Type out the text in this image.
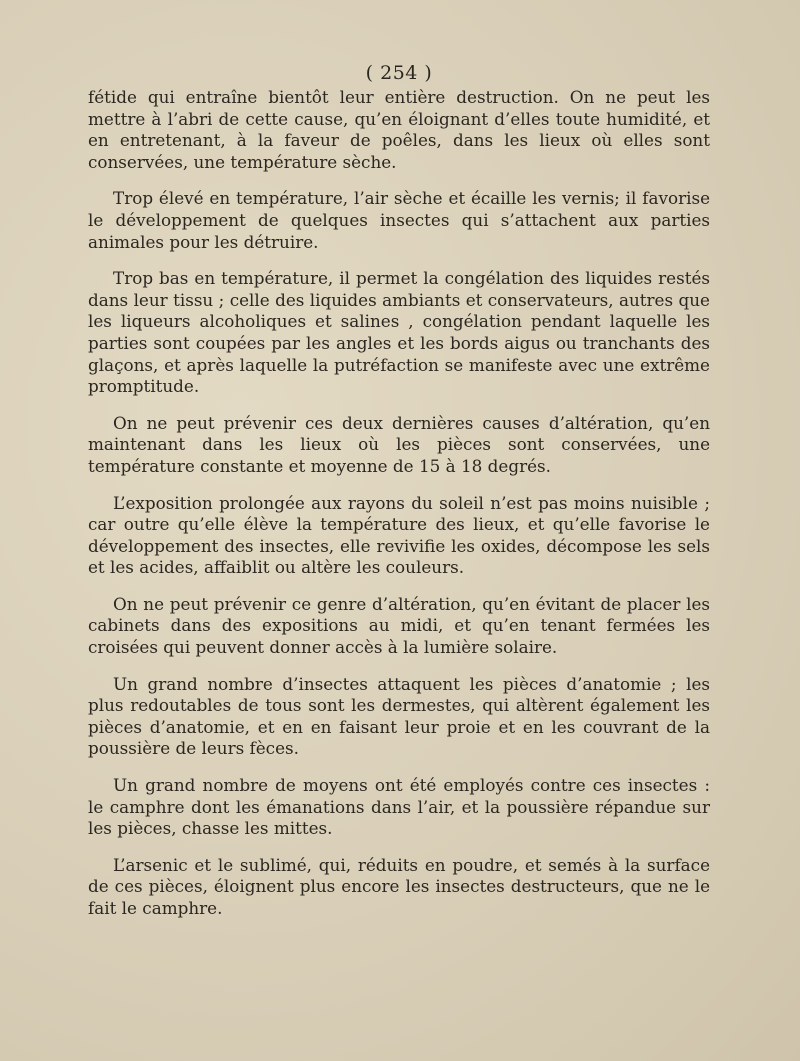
( 254 )

fétide qui entraîne bientôt leur entière destruction. On ne peut les mettre à l’abri de cette cause, qu’en éloignant d’elles toute humidité, et en entretenant, à la faveur de poêles, dans les lieux où elles sont conservées, une température sèche.

Trop élevé en température, l’air sèche et écaille les vernis; il favorise le développement de quelques insectes qui s’attachent aux parties animales pour les détruire.

Trop bas en température, il permet la congélation des liquides restés dans leur tissu ; celle des liquides ambiants et conservateurs, autres que les liqueurs alcoholiques et salines , congélation pendant laquelle les parties sont coupées par les angles et les bords aigus ou tranchants des glaçons, et après laquelle la putréfaction se manifeste avec une extrême promptitude.

On ne peut prévenir ces deux dernières causes d’altération, qu’en maintenant dans les lieux où les pièces sont conservées, une température constante et moyenne de 15 à 18 degrés.

L’exposition prolongée aux rayons du soleil n’est pas moins nuisible ; car outre qu’elle élève la température des lieux, et qu’elle favorise le développement des insectes, elle revivifie les oxides, décompose les sels et les acides, affaiblit ou altère les couleurs.

On ne peut prévenir ce genre d’altération, qu’en évitant de placer les cabinets dans des expositions au midi, et qu’en tenant fermées les croisées qui peuvent donner accès à la lumière solaire.

Un grand nombre d’insectes attaquent les pièces d’anatomie ; les plus redoutables de tous sont les dermestes, qui altèrent également les pièces d’anatomie, et en en faisant leur proie et en les couvrant de la poussière de leurs fèces.

Un grand nombre de moyens ont été employés contre ces insectes : le camphre dont les émanations dans l’air, et la poussière répandue sur les pièces, chasse les mittes.

L’arsenic et le sublimé, qui, réduits en poudre, et semés à la surface de ces pièces, éloignent plus encore les insectes destructeurs, que ne le fait le camphre.
